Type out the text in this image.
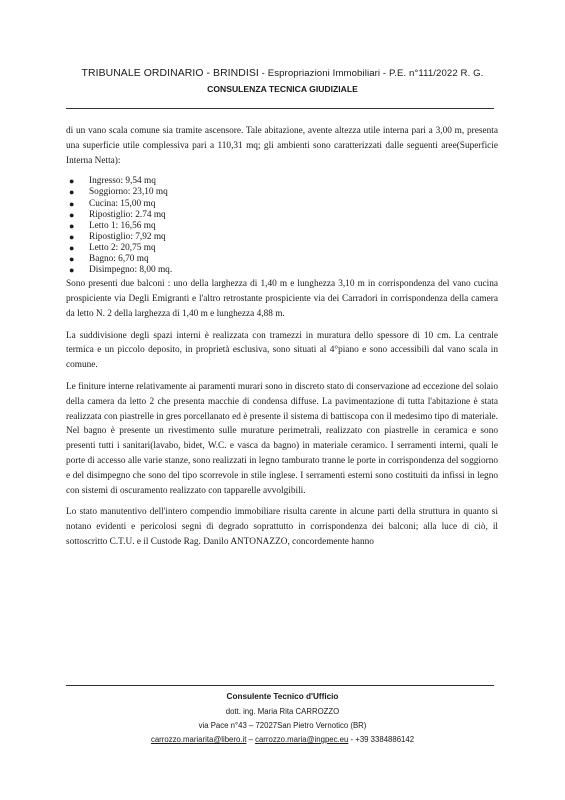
TRIBUNALE ORDINARIO - BRINDISI - Espropriazioni Immobiliari - P.E. n°111/2022 R. G.
CONSULENZA TECNICA GIUDIZIALE

di un vano scala comune sia tramite ascensore. Tale abitazione, avente altezza utile interna pari a 3,00 m, presenta una superficie utile complessiva pari a 110,31 mq; gli ambienti sono caratterizzati dalle seguenti aree(Superficie Interna Netta):

● Ingresso: 9,54 mq
● Soggiorno: 23,10 mq
● Cucina: 15,00 mq
● Ripostiglio: 2.74 mq
● Letto 1: 16,56 mq
● Ripostiglio: 7,92 mq
● Letto 2: 20,75 mq
● Bagno: 6,70 mq
● Disimpegno: 8,00 mq.

Sono presenti due balconi : uno della larghezza di 1,40 m e lunghezza 3,10 m in corrispondenza del vano cucina prospiciente via Degli Emigranti e l'altro retrostante prospiciente via dei Carradori in corrispondenza della camera da letto N. 2 della larghezza di 1,40 m e lunghezza 4,88 m.

La suddivisione degli spazi interni è realizzata con tramezzi in muratura dello spessore di 10 cm. La centrale termica e un piccolo deposito, in proprietà esclusiva, sono situati al 4°piano e sono accessibili dal vano scala in comune.

Le finiture interne relativamente ai paramenti murari sono in discreto stato di conservazione ad eccezione del solaio della camera da letto 2 che presenta macchie di condensa diffuse. La pavimentazione di tutta l'abitazione è stata realizzata con piastrelle in gres porcellanato ed è presente il sistema di battiscopa con il medesimo tipo di materiale. Nel bagno è presente un rivestimento sulle murature perimetrali, realizzato con piastrelle in ceramica e sono presenti tutti i sanitari(lavabo, bidet, W.C. e vasca da bagno) in materiale ceramico. I serramenti interni, quali le porte di accesso alle varie stanze, sono realizzati in legno tamburato tranne le porte in corrispondenza del soggiorno e del disimpegno che sono del tipo scorrevole in stile inglese. I serramenti esterni sono costituiti da infissi in legno con sistemi di oscuramento realizzato con tapparelle avvolgibili.

Lo stato manutentivo dell'intero compendio immobiliare risulta carente in alcune parti della struttura in quanto si notano evidenti e pericolosi segni di degrado soprattutto in corrispondenza dei balconi; alla luce di ciò, il sottoscritto C.T.U. e il Custode Rag. Danilo ANTONAZZO, concordemente hanno

Consulente Tecnico d'Ufficio
dott. ing. Maria Rita CARROZZO
via Pace n°43 – 72027San Pietro Vernotico (BR)
carrozzo.mariarita@libero.it – carrozzo.maria@ingpec.eu - +39 3384886142
